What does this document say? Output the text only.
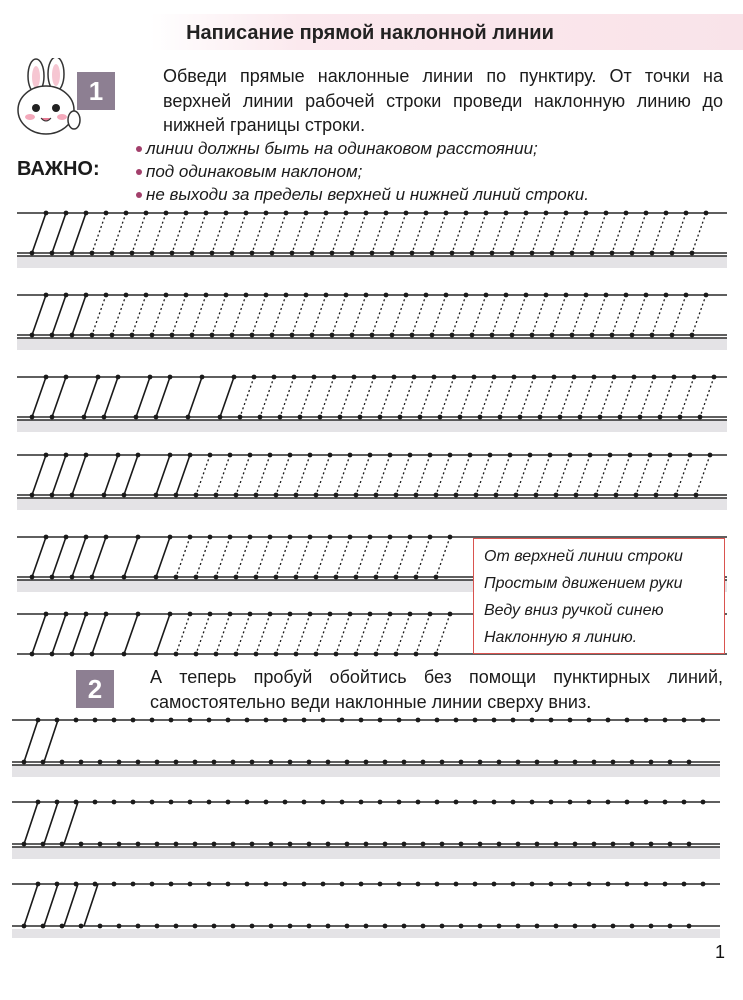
Написание прямой наклонной линии
1	Обведи прямые наклонные линии по пунктиру. От точки на верхней линии рабочей строки проведи наклонную линию до нижней границы строки.
ВАЖНО:
линии должны быть на одинаковом расстоянии;
под одинаковым наклоном;
не выходи за пределы верхней и нижней линий строки.
От верхней линии строки
Простым движением руки
Веду вниз ручкой синею
Наклонную я линию.
2	А теперь пробуй обойтись без помощи пунктирных линий, самостоятельно веди наклонные линии сверху вниз.
1
